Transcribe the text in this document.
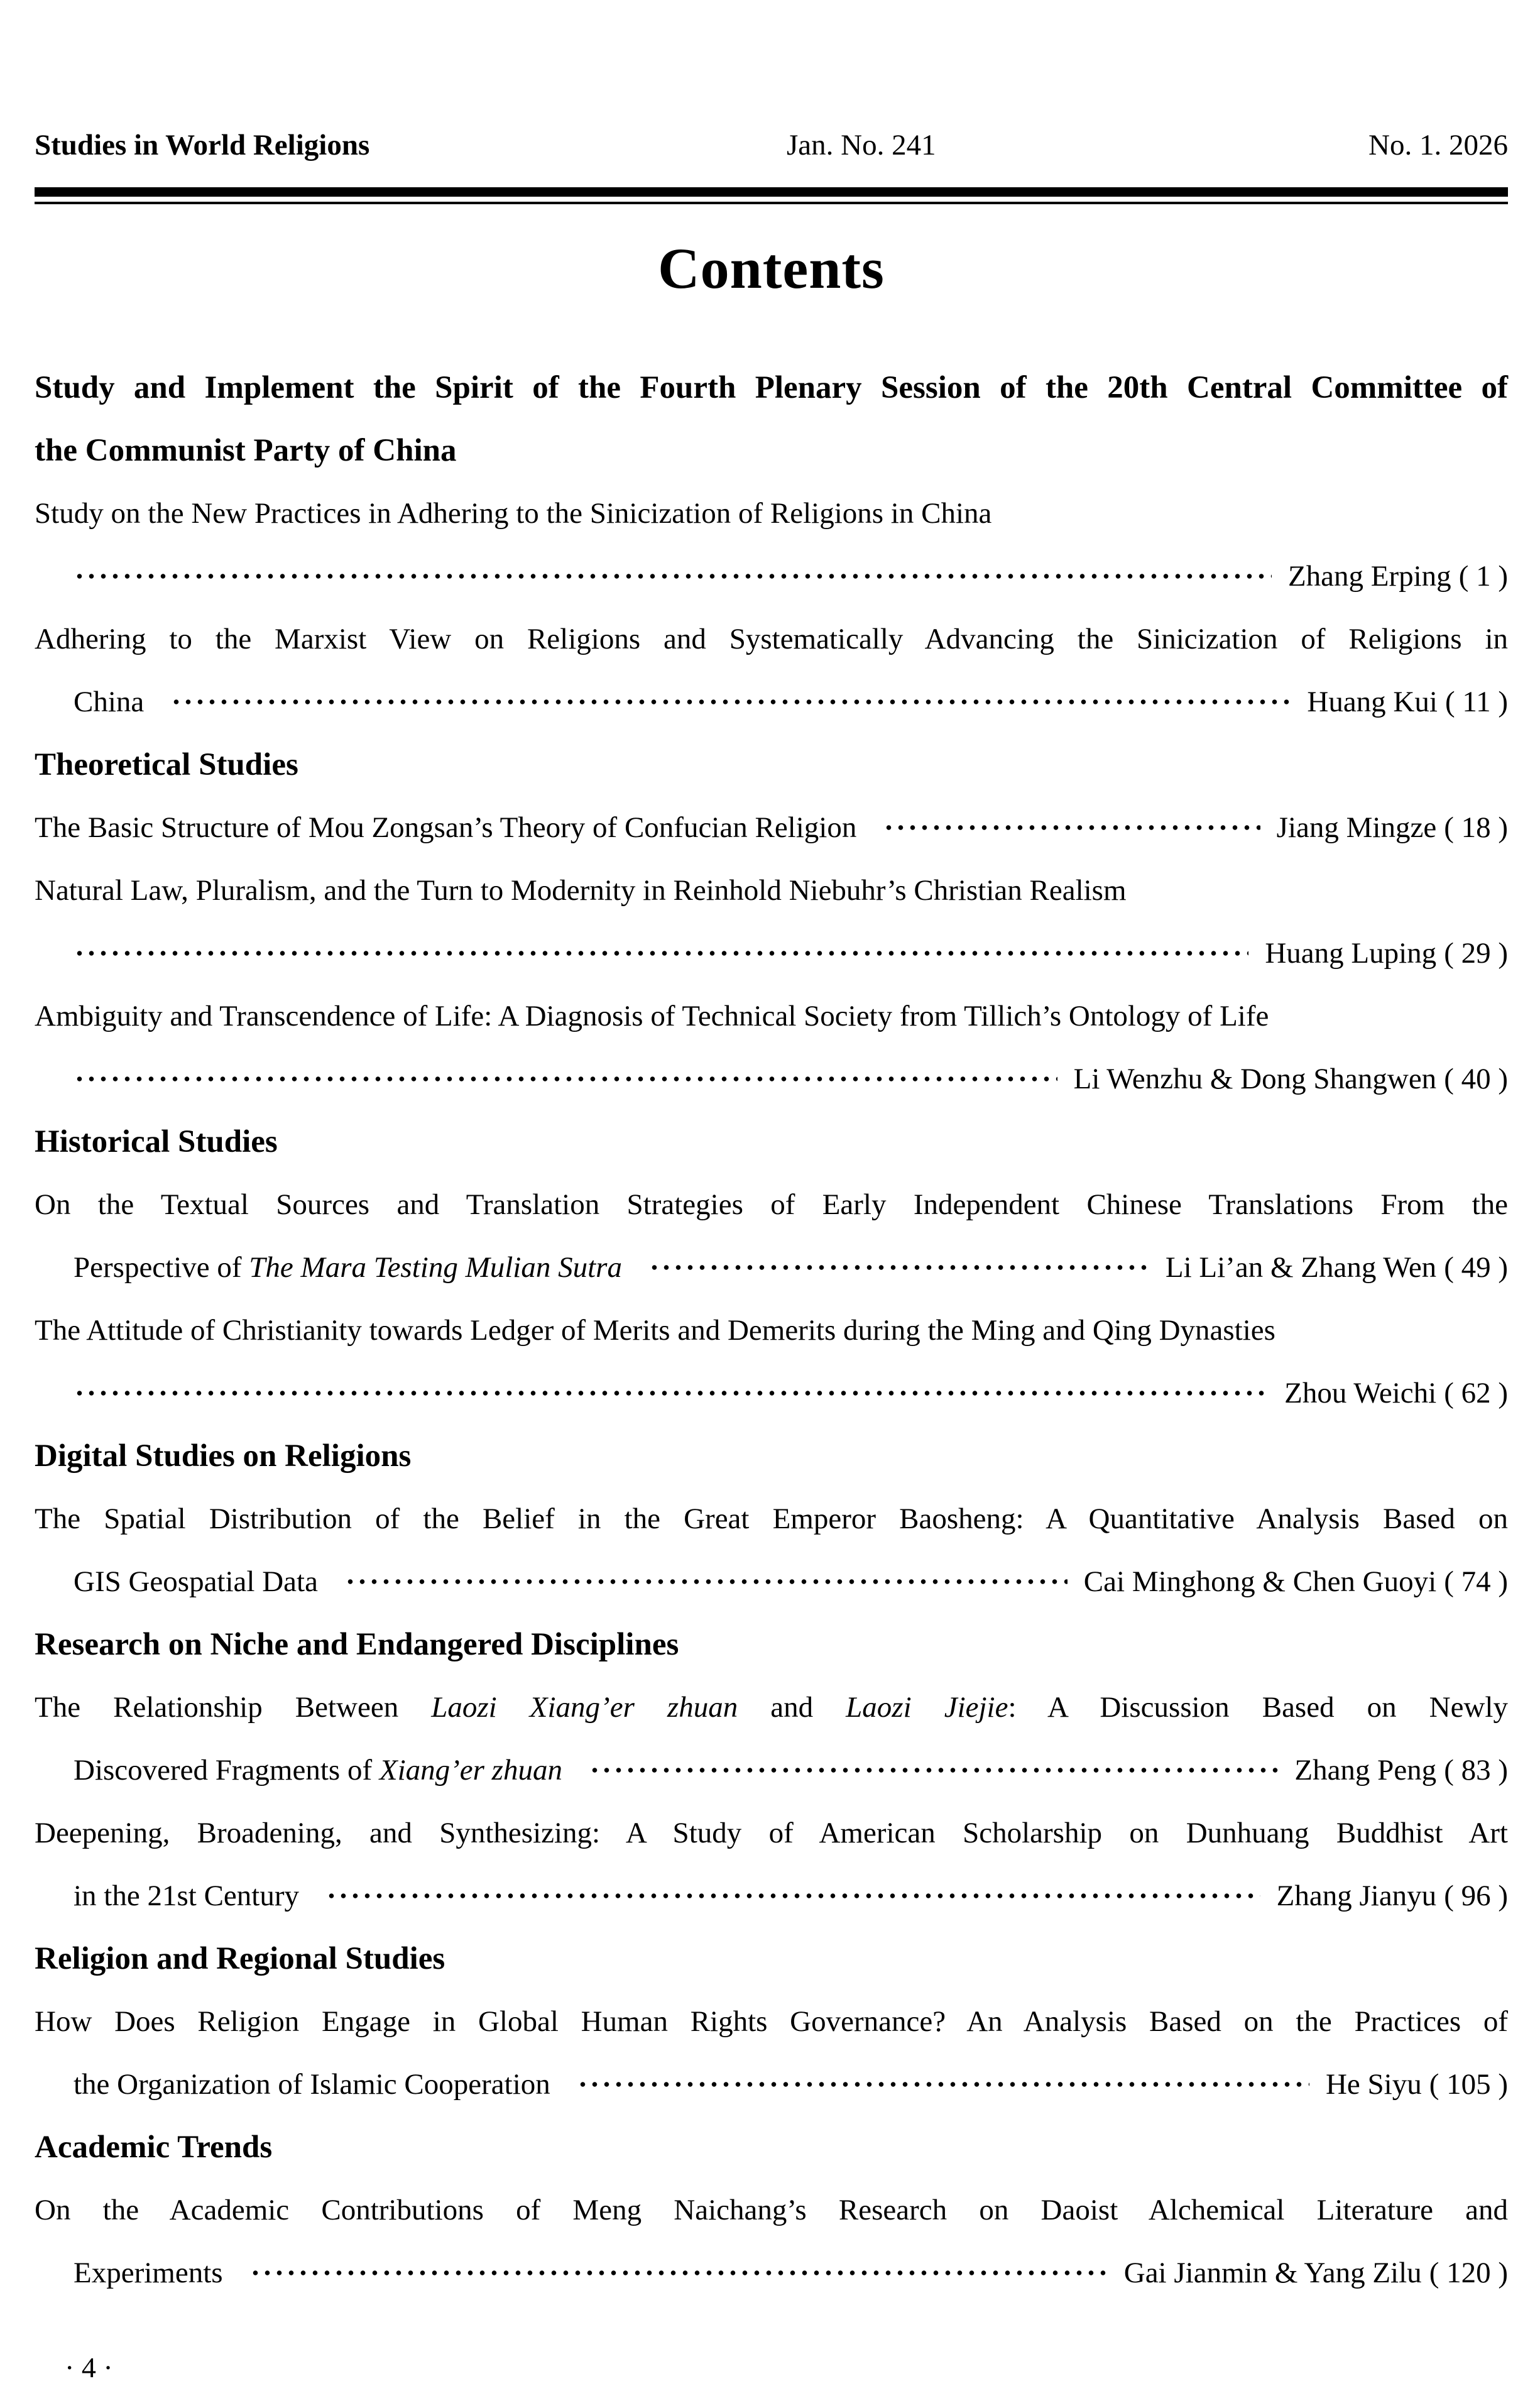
Studies in World Religions	Jan. No. 241	No. 1. 2026
Contents
Study and Implement the Spirit of the Fourth Plenary Session of the 20th Central Committee of
the Communist Party of China
Study on the New Practices in Adhering to the Sinicization of Religions in China
Zhang Erping ( 1 )
Adhering to the Marxist View on Religions and Systematically Advancing the Sinicization of Religions in
China	Huang Kui ( 11 )
Theoretical Studies
The Basic Structure of Mou Zongsan’s Theory of Confucian Religion	Jiang Mingze ( 18 )
Natural Law, Pluralism, and the Turn to Modernity in Reinhold Niebuhr’s Christian Realism
Huang Luping ( 29 )
Ambiguity and Transcendence of Life: A Diagnosis of Technical Society from Tillich’s Ontology of Life
Li Wenzhu & Dong Shangwen ( 40 )
Historical Studies
On the Textual Sources and Translation Strategies of Early Independent Chinese Translations From the
Perspective of The Mara Testing Mulian Sutra	Li Li’an & Zhang Wen ( 49 )
The Attitude of Christianity towards Ledger of Merits and Demerits during the Ming and Qing Dynasties
Zhou Weichi ( 62 )
Digital Studies on Religions
The Spatial Distribution of the Belief in the Great Emperor Baosheng: A Quantitative Analysis Based on
GIS Geospatial Data	Cai Minghong & Chen Guoyi ( 74 )
Research on Niche and Endangered Disciplines
The Relationship Between Laozi Xiang’er zhuan and Laozi Jiejie: A Discussion Based on Newly
Discovered Fragments of Xiang’er zhuan	Zhang Peng ( 83 )
Deepening, Broadening, and Synthesizing: A Study of American Scholarship on Dunhuang Buddhist Art
in the 21st Century	Zhang Jianyu ( 96 )
Religion and Regional Studies
How Does Religion Engage in Global Human Rights Governance? An Analysis Based on the Practices of
the Organization of Islamic Cooperation	He Siyu ( 105 )
Academic Trends
On the Academic Contributions of Meng Naichang’s Research on Daoist Alchemical Literature and
Experiments	Gai Jianmin & Yang Zilu ( 120 )
· 4 ·
